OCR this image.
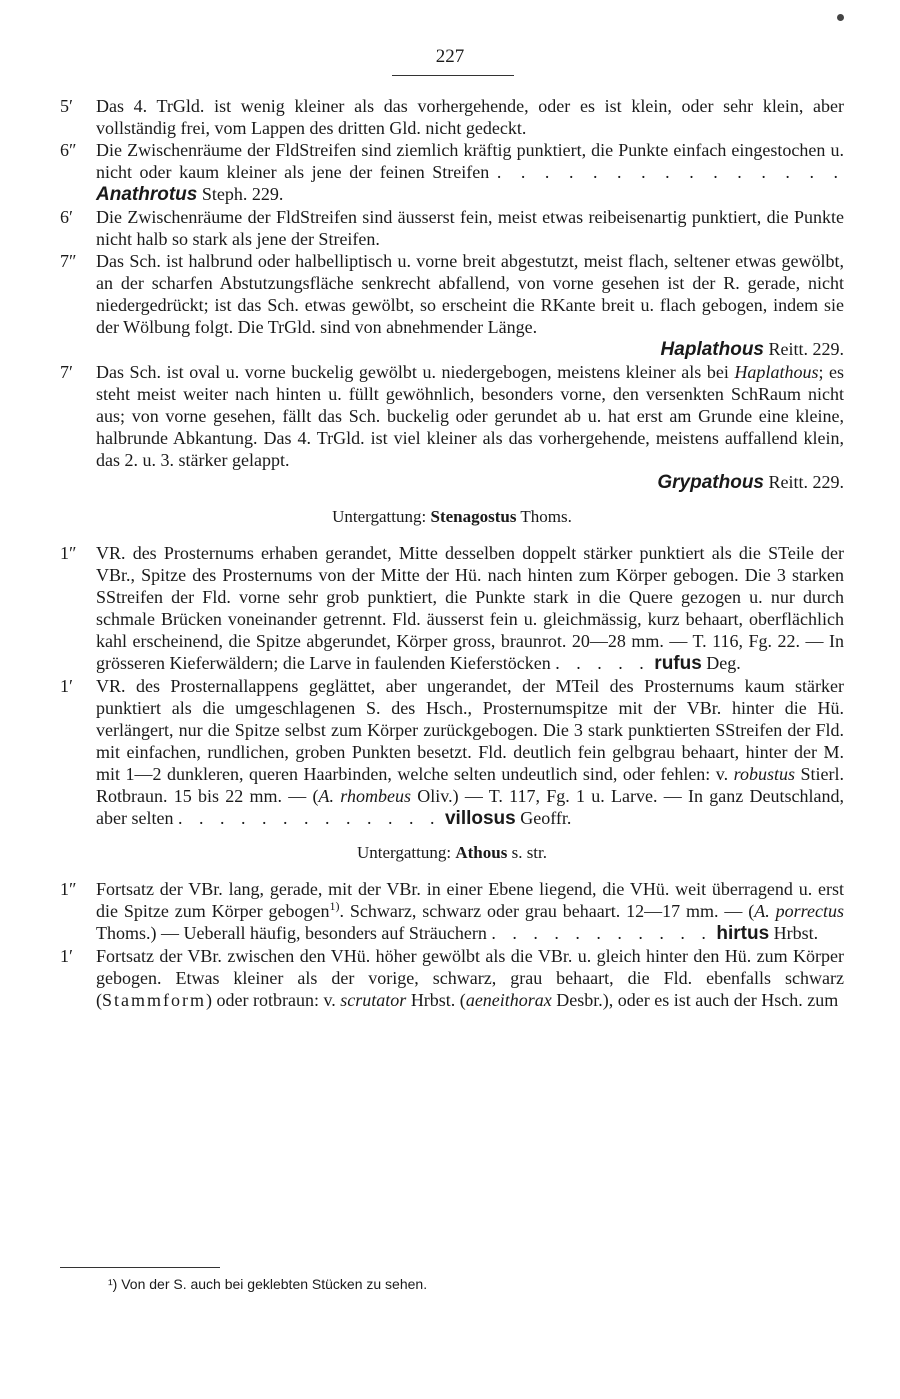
227
5′ Das 4. TrGld. ist wenig kleiner als das vorhergehende, oder es ist klein, oder sehr klein, aber vollständig frei, vom Lappen des dritten Gld. nicht gedeckt.
6″ Die Zwischenräume der FldStreifen sind ziemlich kräftig punktiert, die Punkte einfach eingestochen u. nicht oder kaum kleiner als jene der feinen Streifen . . . . . . . . . . . . . . . Anathrotus Steph. 229.
6′ Die Zwischenräume der FldStreifen sind äusserst fein, meist etwas reibeisenartig punktiert, die Punkte nicht halb so stark als jene der Streifen.
7″ Das Sch. ist halbrund oder halbelliptisch u. vorne breit abgestutzt, meist flach, seltener etwas gewölbt, an der scharfen Abstutzungsfläche senkrecht abfallend, von vorne gesehen ist der R. gerade, nicht niedergedrückt; ist das Sch. etwas gewölbt, so erscheint die RKante breit u. flach gebogen, indem sie der Wölbung folgt. Die TrGld. sind von abnehmender Länge.
Haplathous Reitt. 229.
7′ Das Sch. ist oval u. vorne buckelig gewölbt u. niedergebogen, meistens kleiner als bei Haplathous; es steht meist weiter nach hinten u. füllt gewöhnlich, besonders vorne, den versenkten SchRaum nicht aus; von vorne gesehen, fällt das Sch. buckelig oder gerundet ab u. hat erst am Grunde eine kleine, halbrunde Abkantung. Das 4. TrGld. ist viel kleiner als das vorhergehende, meistens auffallend klein, das 2. u. 3. stärker gelappt.
Grypathous Reitt. 229.
Untergattung: Stenagostus Thoms.
1″ VR. des Prosternums erhaben gerandet, Mitte desselben doppelt stärker punktiert als die STeile der VBr., Spitze des Prosternums von der Mitte der Hü. nach hinten zum Körper gebogen. Die 3 starken SStreifen der Fld. vorne sehr grob punktiert, die Punkte stark in die Quere gezogen u. nur durch schmale Brücken voneinander getrennt. Fld. äusserst fein u. gleichmässig, kurz behaart, oberflächlich kahl erscheinend, die Spitze abgerundet, Körper gross, braunrot. 20—28 mm. — T. 116, Fg. 22. — In grösseren Kieferwäldern; die Larve in faulenden Kieferstöcken . . . . . rufus Deg.
1′ VR. des Prosternallappens geglättet, aber ungerandet, der MTeil des Prosternums kaum stärker punktiert als die umgeschlagenen S. des Hsch., Prosternumspitze mit der VBr. hinter die Hü. verlängert, nur die Spitze selbst zum Körper zurückgebogen. Die 3 stark punktierten SStreifen der Fld. mit einfachen, rundlichen, groben Punkten besetzt. Fld. deutlich fein gelbgrau behaart, hinter der M. mit 1—2 dunkleren, queren Haarbinden, welche selten undeutlich sind, oder fehlen: v. robustus Stierl. Rotbraun. 15 bis 22 mm. — (A. rhombeus Oliv.) — T. 117, Fg. 1 u. Larve. — In ganz Deutschland, aber selten . . . . . . . . . . . . . villosus Geoffr.
Untergattung: Athous s. str.
1″ Fortsatz der VBr. lang, gerade, mit der VBr. in einer Ebene liegend, die VHü. weit überragend u. erst die Spitze zum Körper gebogen$^{1)}$. Schwarz, schwarz oder grau behaart. 12—17 mm. — (A. porrectus Thoms.) — Ueberall häufig, besonders auf Sträuchern . . . . . . . . . . . hirtus Hrbst.
1′ Fortsatz der VBr. zwischen den VHü. höher gewölbt als die VBr. u. gleich hinter den Hü. zum Körper gebogen. Etwas kleiner als der vorige, schwarz, grau behaart, die Fld. ebenfalls schwarz (Stammform) oder rotbraun: v. scrutator Hrbst. (aeneithorax Desbr.), oder es ist auch der Hsch. zum
¹) Von der S. auch bei geklebten Stücken zu sehen.
